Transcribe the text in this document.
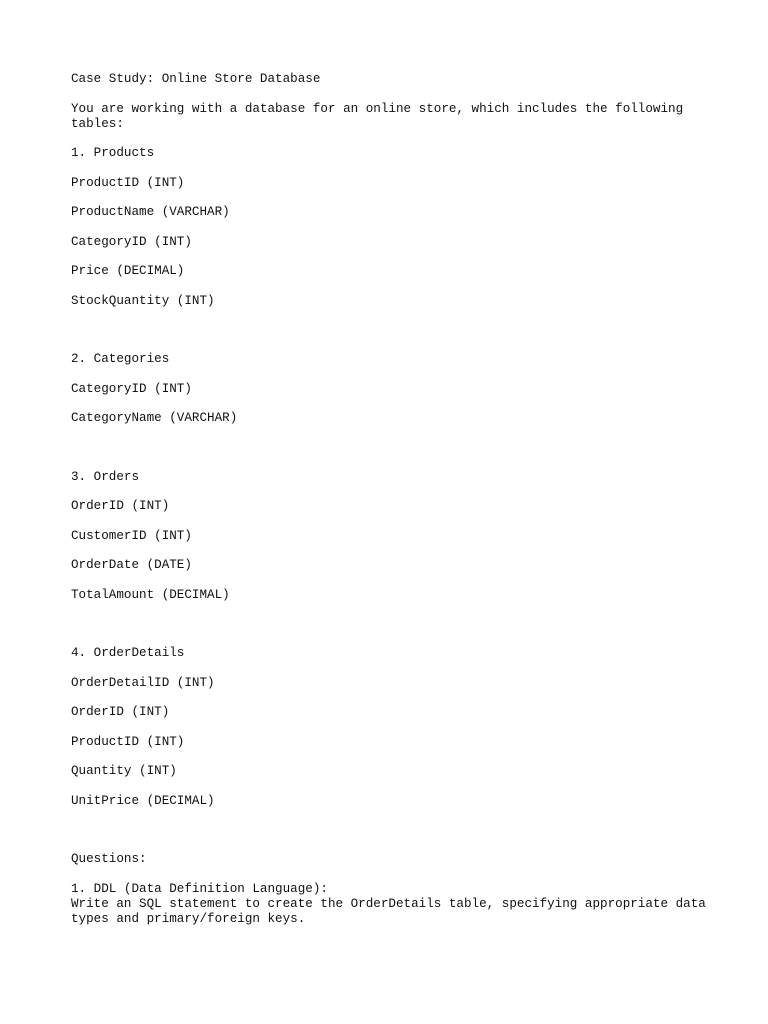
Case Study: Online Store Database
You are working with a database for an online store, which includes the following tables:
1. Products
ProductID (INT)
ProductName (VARCHAR)
CategoryID (INT)
Price (DECIMAL)
StockQuantity (INT)
2. Categories
CategoryID (INT)
CategoryName (VARCHAR)
3. Orders
OrderID (INT)
CustomerID (INT)
OrderDate (DATE)
TotalAmount (DECIMAL)
4. OrderDetails
OrderDetailID (INT)
OrderID (INT)
ProductID (INT)
Quantity (INT)
UnitPrice (DECIMAL)
Questions:
1. DDL (Data Definition Language):
Write an SQL statement to create the OrderDetails table, specifying appropriate data types and primary/foreign keys.
